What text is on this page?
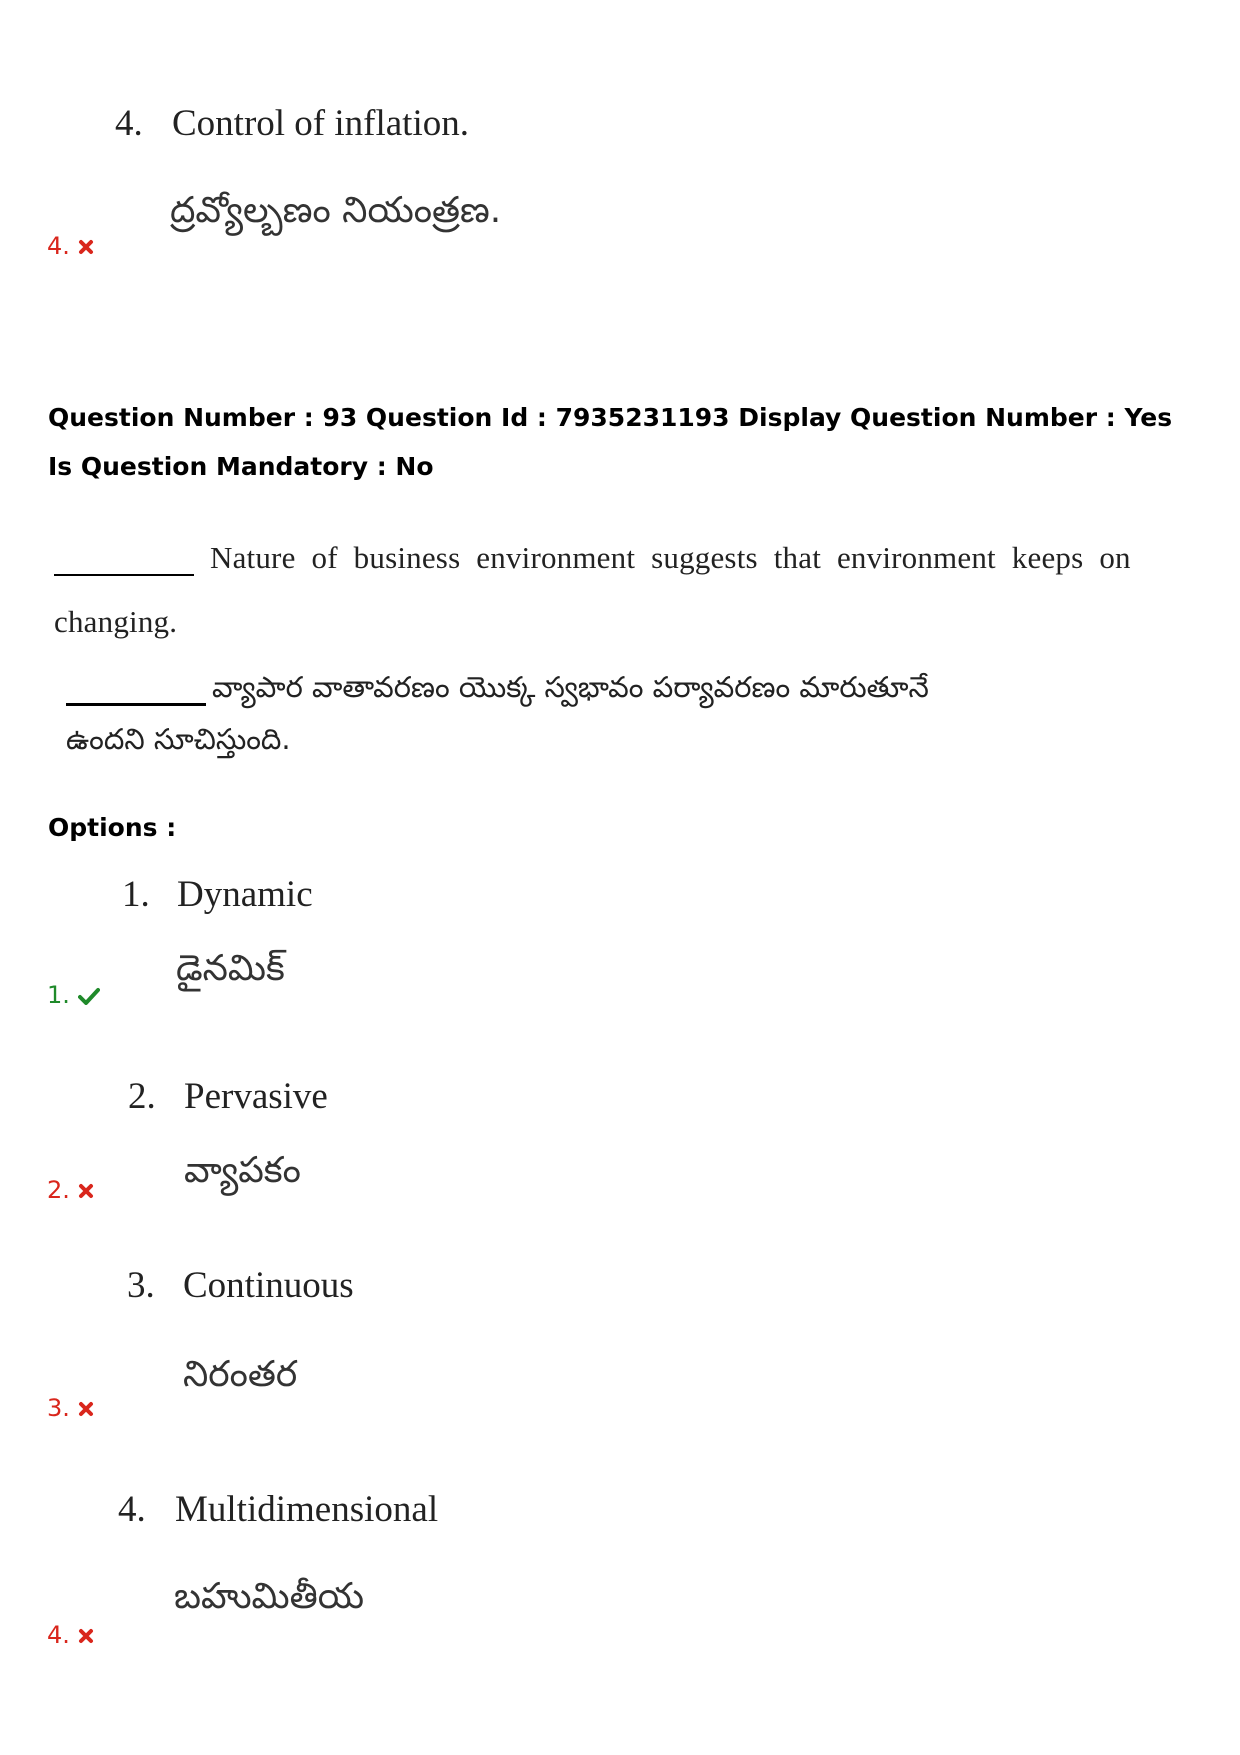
4. Control of inflation.
ద్రవ్యోల్బణం నియంత్రణ.
4.
Question Number : 93 Question Id : 7935231193 Display Question Number : Yes Is Question Mandatory : No
Nature of business environment suggests that environment keeps on
changing.
వ్యాపార వాతావరణం యొక్క స్వభావం పర్యావరణం మారుతూనే
ఉందని సూచిస్తుంది.
Options :
1. Dynamic
డైనమిక్
1.
2. Pervasive
వ్యాపకం
2.
3. Continuous
నిరంతర
3.
4. Multidimensional
బహుమితీయ
4.
